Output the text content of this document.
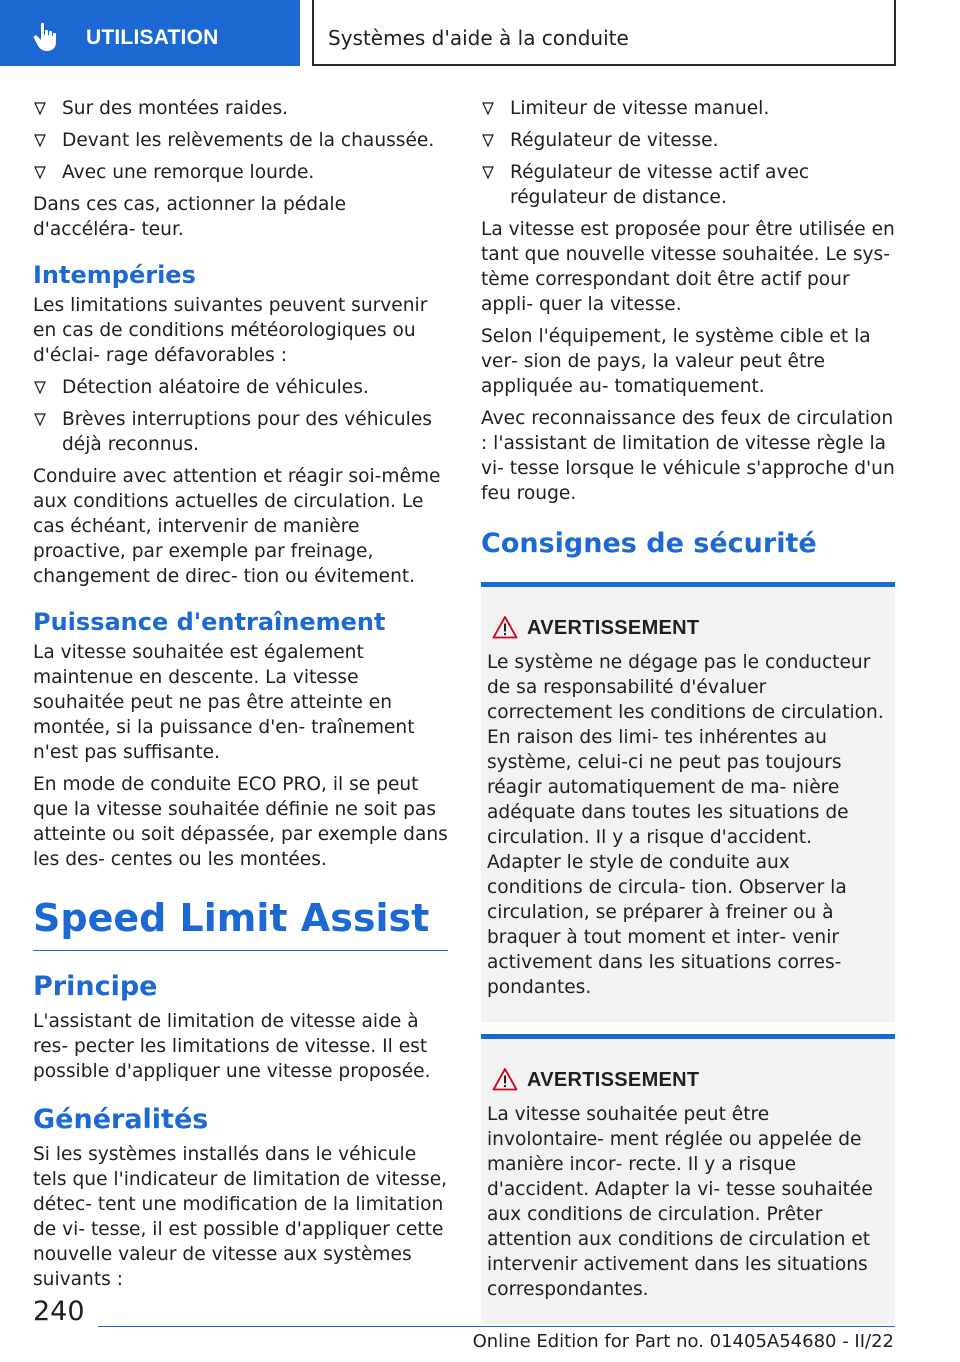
UTILISATION	Systèmes d'aide à la conduite
Sur des montées raides.
Devant les relèvements de la chaussée.
Avec une remorque lourde.

Dans ces cas, actionner la pédale d'accéléra‐ teur.

Intempéries

Les limitations suivantes peuvent survenir en cas de conditions météorologiques ou d'éclai‐ rage défavorables :

Détection aléatoire de véhicules.
Brèves interruptions pour des véhicules déjà reconnus.

Conduire avec attention et réagir soi-même aux conditions actuelles de circulation. Le cas échéant, intervenir de manière proactive, par exemple par freinage, changement de direc‐ tion ou évitement.

Puissance d'entraînement

La vitesse souhaitée est également maintenue en descente. La vitesse souhaitée peut ne pas être atteinte en montée, si la puissance d'en‐ traînement n'est pas suffisante.

En mode de conduite ECO PRO, il se peut que la vitesse souhaitée définie ne soit pas atteinte ou soit dépassée, par exemple dans les des‐ centes ou les montées.

Speed Limit Assist
Principe

L'assistant de limitation de vitesse aide à res‐ pecter les limitations de vitesse. Il est possible d'appliquer une vitesse proposée.

Généralités

Si les systèmes installés dans le véhicule tels que l'indicateur de limitation de vitesse, détec‐ tent une modification de la limitation de vi‐ tesse, il est possible d'appliquer cette nouvelle valeur de vitesse aux systèmes suivants :

Limiteur de vitesse manuel.
Régulateur de vitesse.
Régulateur de vitesse actif avec régulateur de distance.

La vitesse est proposée pour être utilisée en tant que nouvelle vitesse souhaitée. Le sys‐ tème correspondant doit être actif pour appli‐ quer la vitesse.

Selon l'équipement, le système cible et la ver‐ sion de pays, la valeur peut être appliquée au‐ tomatiquement.

Avec reconnaissance des feux de circulation : l'assistant de limitation de vitesse règle la vi‐ tesse lorsque le véhicule s'approche d'un feu rouge.

Consignes de sécurité
AVERTISSEMENT

Le système ne dégage pas le conducteur de sa responsabilité d'évaluer correctement les conditions de circulation. En raison des limi‐ tes inhérentes au système, celui-ci ne peut pas toujours réagir automatiquement de ma‐ nière adéquate dans toutes les situations de circulation. Il y a risque d'accident. Adapter le style de conduite aux conditions de circula‐ tion. Observer la circulation, se préparer à freiner ou à braquer à tout moment et inter‐ venir activement dans les situations corres‐ pondantes.

AVERTISSEMENT

La vitesse souhaitée peut être involontaire‐ ment réglée ou appelée de manière incor‐ recte. Il y a risque d'accident. Adapter la vi‐ tesse souhaitée aux conditions de circulation. Prêter attention aux conditions de circulation et intervenir activement dans les situations correspondantes.

240
Online Edition for Part no. 01405A54680 - II/22
